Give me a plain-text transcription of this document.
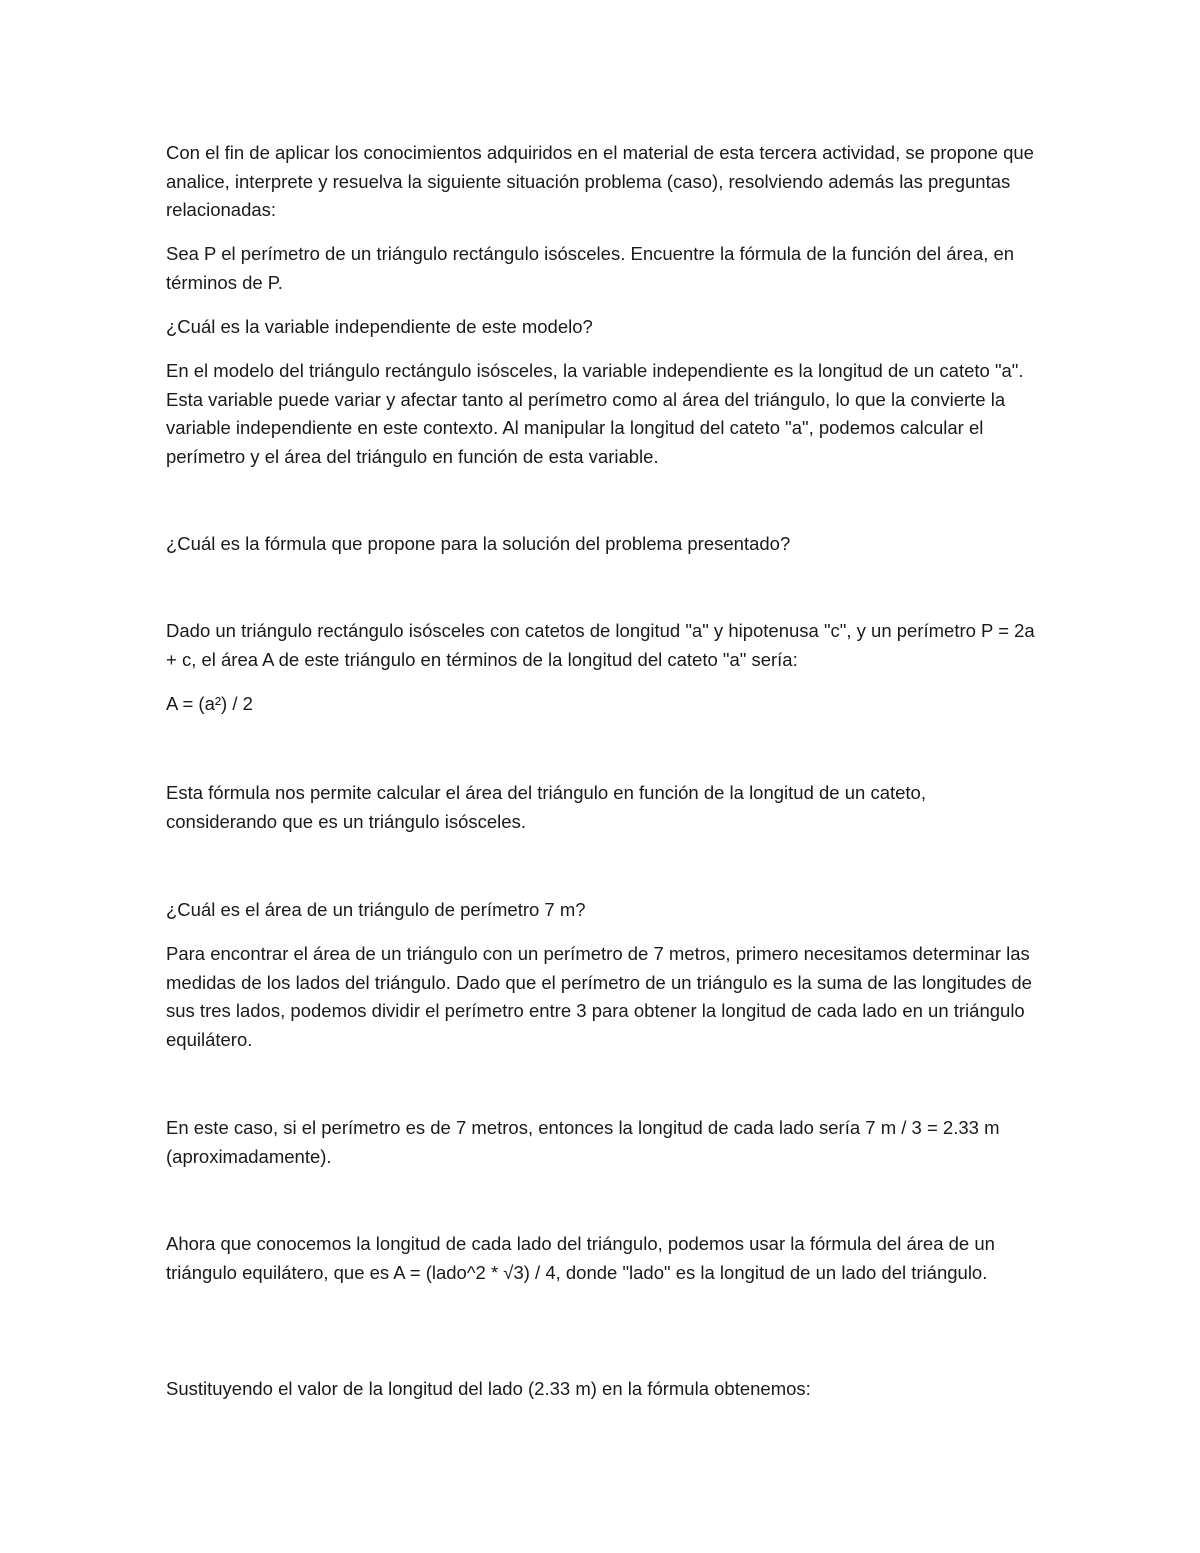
Con el fin de aplicar los conocimientos adquiridos en el material de esta tercera actividad, se propone que analice, interprete y resuelva la siguiente situación problema (caso), resolviendo además las preguntas relacionadas:

Sea P el perímetro de un triángulo rectángulo isósceles. Encuentre la fórmula de la función del área, en términos de P.

¿Cuál es la variable independiente de este modelo?

En el modelo del triángulo rectángulo isósceles, la variable independiente es la longitud de un cateto "a". Esta variable puede variar y afectar tanto al perímetro como al área del triángulo, lo que la convierte la variable independiente en este contexto. Al manipular la longitud del cateto "a", podemos calcular el perímetro y el área del triángulo en función de esta variable.

¿Cuál es la fórmula que propone para la solución del problema presentado?

Dado un triángulo rectángulo isósceles con catetos de longitud "a" y hipotenusa "c", y un perímetro P = 2a + c, el área A de este triángulo en términos de la longitud del cateto "a" sería:

A = (a²) / 2

Esta fórmula nos permite calcular el área del triángulo en función de la longitud de un cateto, considerando que es un triángulo isósceles.

¿Cuál es el área de un triángulo de perímetro 7 m?

Para encontrar el área de un triángulo con un perímetro de 7 metros, primero necesitamos determinar las medidas de los lados del triángulo. Dado que el perímetro de un triángulo es la suma de las longitudes de sus tres lados, podemos dividir el perímetro entre 3 para obtener la longitud de cada lado en un triángulo equilátero.

En este caso, si el perímetro es de 7 metros, entonces la longitud de cada lado sería 7 m / 3 = 2.33 m (aproximadamente).

Ahora que conocemos la longitud de cada lado del triángulo, podemos usar la fórmula del área de un triángulo equilátero, que es A = (lado^2 * √3) / 4, donde "lado" es la longitud de un lado del triángulo.

Sustituyendo el valor de la longitud del lado (2.33 m) en la fórmula obtenemos:
